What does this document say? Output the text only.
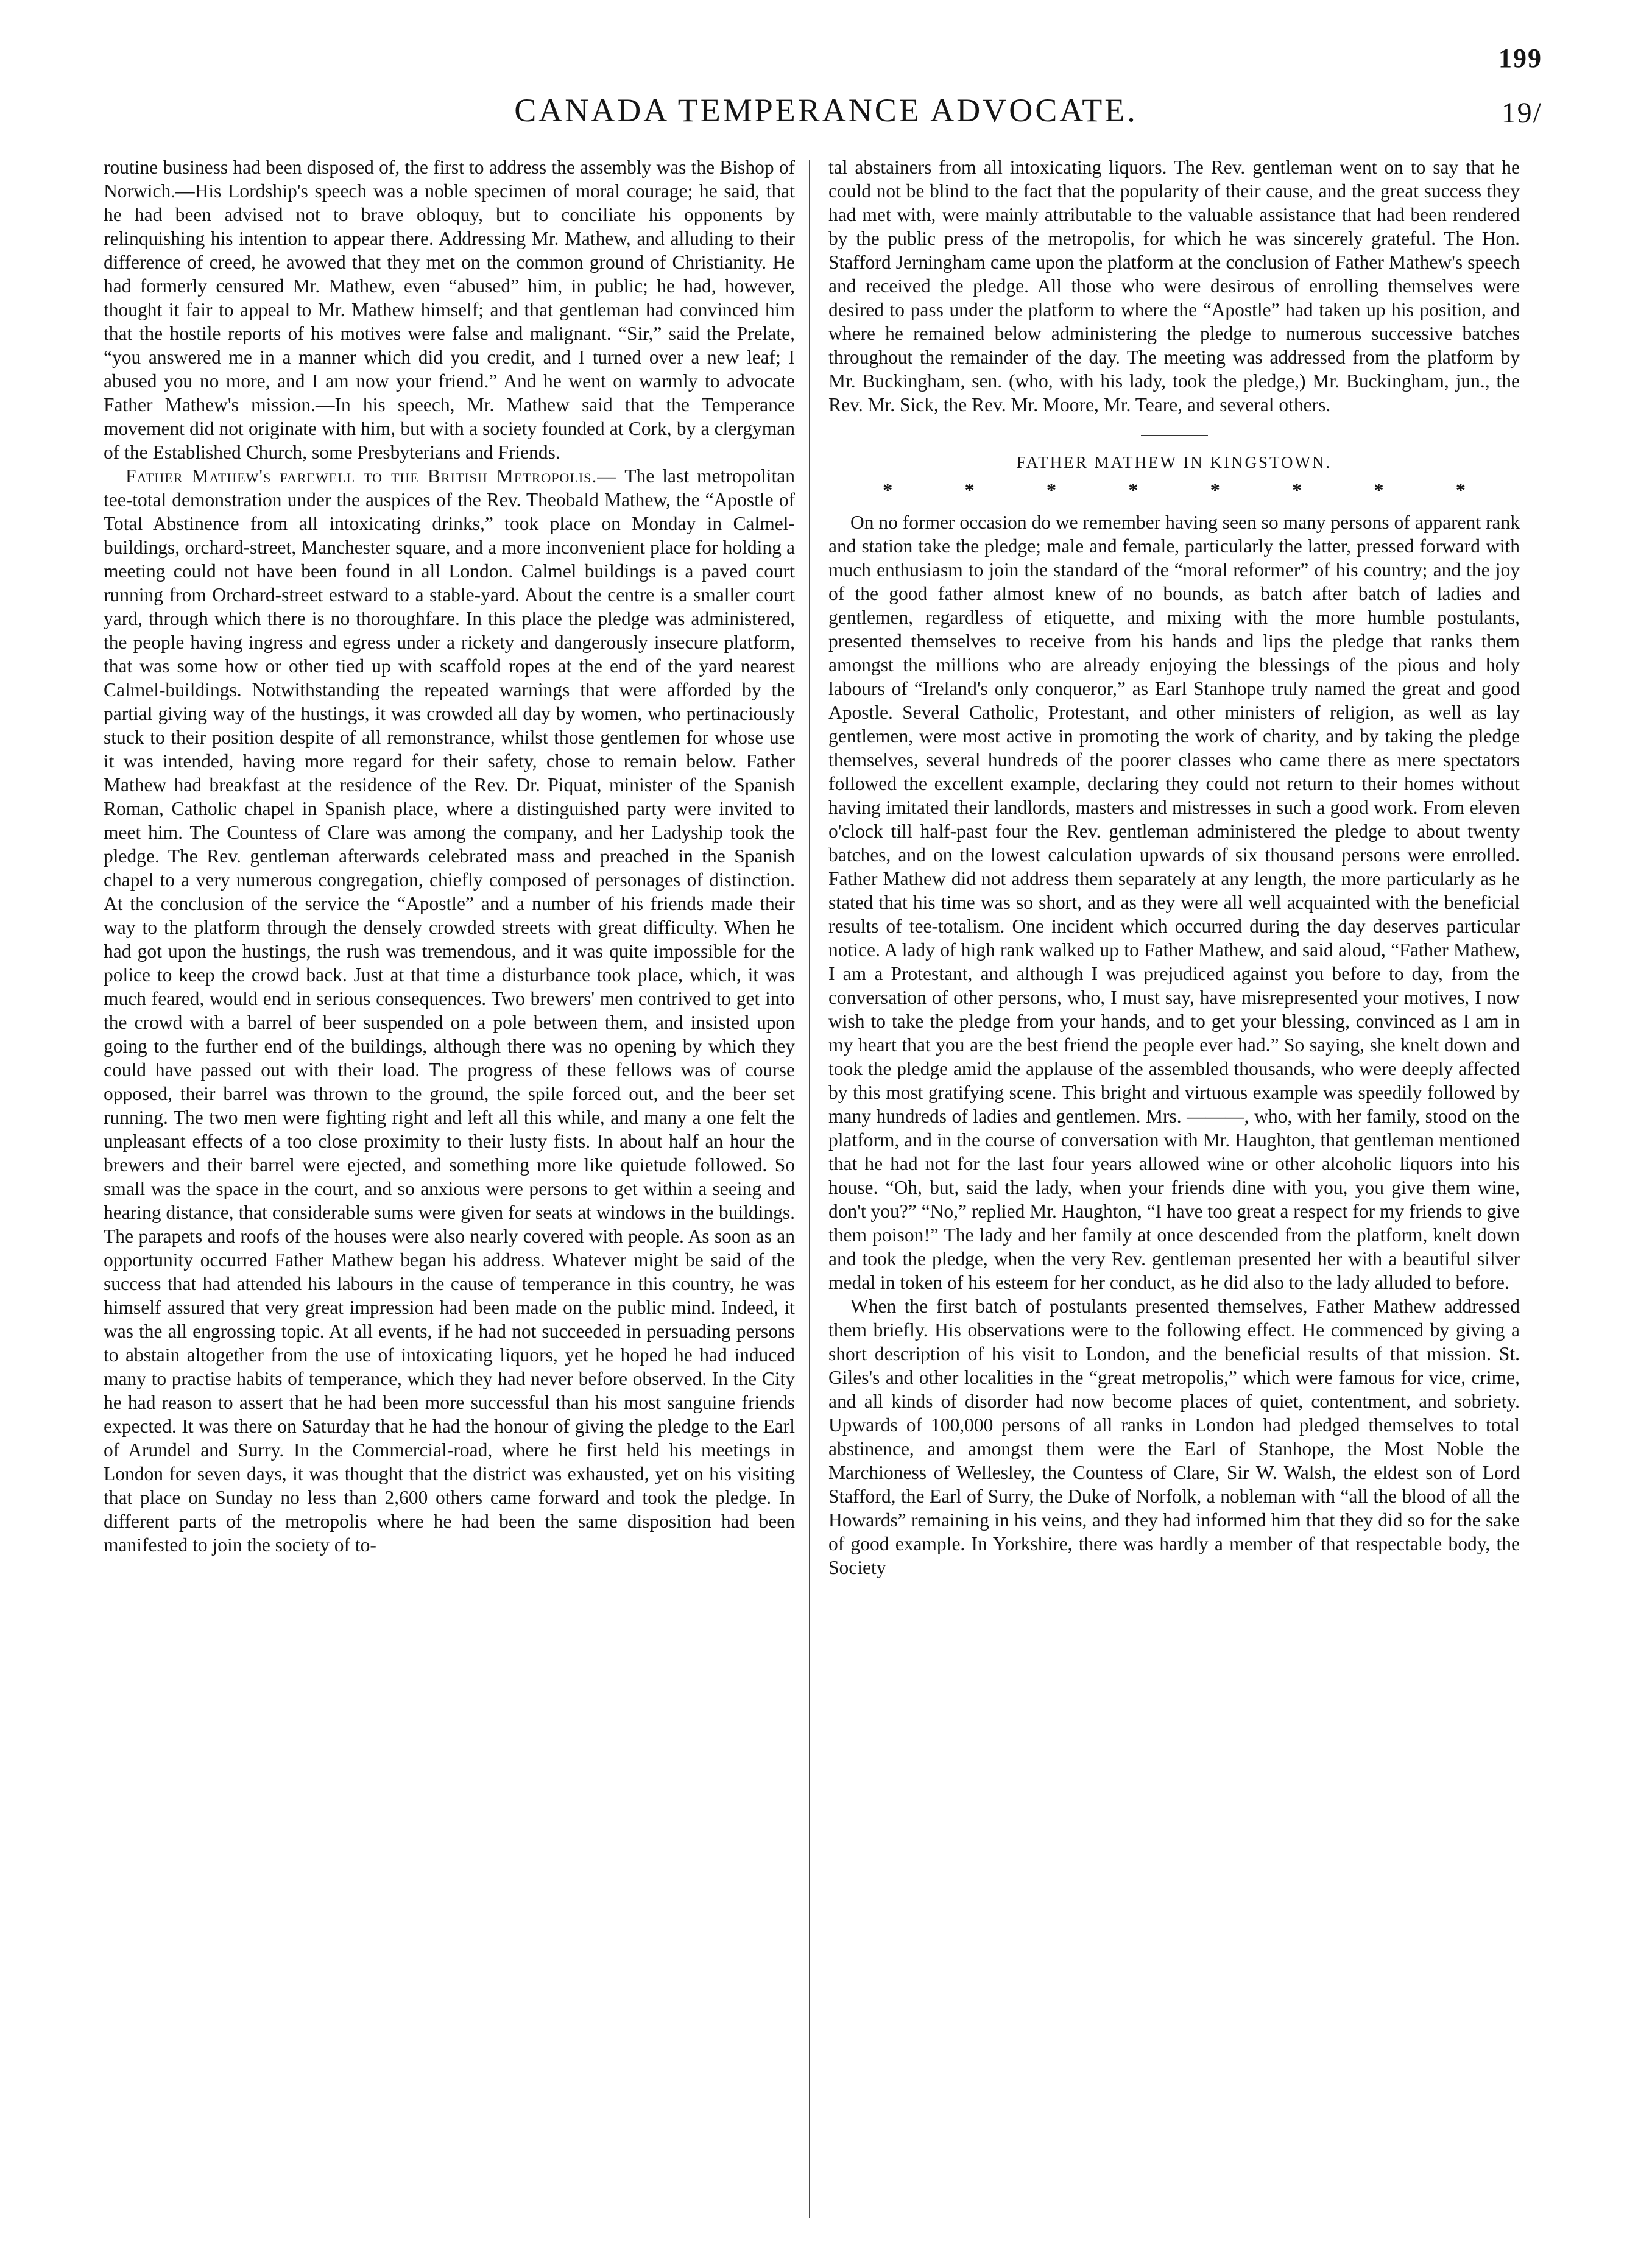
199
CANADA TEMPERANCE ADVOCATE.	19/

routine business had been disposed of, the first to address the assembly was the Bishop of Norwich.—His Lordship's speech was a noble specimen of moral courage; he said, that he had been advised not to brave obloquy, but to conciliate his opponents by relinquishing his intention to appear there. Addressing Mr. Mathew, and alluding to their difference of creed, he avowed that they met on the common ground of Christianity. He had formerly censured Mr. Mathew, even “abused” him, in public; he had, however, thought it fair to appeal to Mr. Mathew himself; and that gentleman had convinced him that the hostile reports of his motives were false and malignant. “Sir,” said the Prelate, “you answered me in a manner which did you credit, and I turned over a new leaf; I abused you no more, and I am now your friend.” And he went on warmly to advocate Father Mathew's mission.—In his speech, Mr. Mathew said that the Temperance movement did not originate with him, but with a society founded at Cork, by a clergyman of the Established Church, some Presbyterians and Friends.

Father Mathew's farewell to the British Metropolis.— The last metropolitan tee-total demonstration under the auspices of the Rev. Theobald Mathew, the “Apostle of Total Abstinence from all intoxicating drinks,” took place on Monday in Calmel-buildings, orchard-street, Manchester square, and a more inconvenient place for holding a meeting could not have been found in all London. Calmel buildings is a paved court running from Orchard-street estward to a stable-yard. About the centre is a smaller court yard, through which there is no thoroughfare. In this place the pledge was administered, the people having ingress and egress under a rickety and dangerously insecure platform, that was some how or other tied up with scaffold ropes at the end of the yard nearest Calmel-buildings. Notwithstanding the repeated warnings that were afforded by the partial giving way of the hustings, it was crowded all day by women, who pertinaciously stuck to their position despite of all remonstrance, whilst those gentlemen for whose use it was intended, having more regard for their safety, chose to remain below. Father Mathew had breakfast at the residence of the Rev. Dr. Piquat, minister of the Spanish Roman, Catholic chapel in Spanish place, where a distinguished party were invited to meet him. The Countess of Clare was among the company, and her Ladyship took the pledge. The Rev. gentleman afterwards celebrated mass and preached in the Spanish chapel to a very numerous congregation, chiefly composed of personages of distinction. At the conclusion of the service the “Apostle” and a number of his friends made their way to the platform through the densely crowded streets with great difficulty. When he had got upon the hustings, the rush was tremendous, and it was quite impossible for the police to keep the crowd back. Just at that time a disturbance took place, which, it was much feared, would end in serious consequences. Two brewers' men contrived to get into the crowd with a barrel of beer suspended on a pole between them, and insisted upon going to the further end of the buildings, although there was no opening by which they could have passed out with their load. The progress of these fellows was of course opposed, their barrel was thrown to the ground, the spile forced out, and the beer set running. The two men were fighting right and left all this while, and many a one felt the unpleasant effects of a too close proximity to their lusty fists. In about half an hour the brewers and their barrel were ejected, and something more like quietude followed. So small was the space in the court, and so anxious were persons to get within a seeing and hearing distance, that considerable sums were given for seats at windows in the buildings. The parapets and roofs of the houses were also nearly covered with people. As soon as an opportunity occurred Father Mathew began his address. Whatever might be said of the success that had attended his labours in the cause of temperance in this country, he was himself assured that very great impression had been made on the public mind. Indeed, it was the all engrossing topic. At all events, if he had not succeeded in persuading persons to abstain altogether from the use of intoxicating liquors, yet he hoped he had induced many to practise habits of temperance, which they had never before observed. In the City he had reason to assert that he had been more successful than his most sanguine friends expected. It was there on Saturday that he had the honour of giving the pledge to the Earl of Arundel and Surry. In the Commercial-road, where he first held his meetings in London for seven days, it was thought that the district was exhausted, yet on his visiting that place on Sunday no less than 2,600 others came forward and took the pledge. In different parts of the metropolis where he had been the same disposition had been manifested to join the society of to-

tal abstainers from all intoxicating liquors. The Rev. gentleman went on to say that he could not be blind to the fact that the popularity of their cause, and the great success they had met with, were mainly attributable to the valuable assistance that had been rendered by the public press of the metropolis, for which he was sincerely grateful. The Hon. Stafford Jerningham came upon the platform at the conclusion of Father Mathew's speech and received the pledge. All those who were desirous of enrolling themselves were desired to pass under the platform to where the “Apostle” had taken up his position, and where he remained below administering the pledge to numerous successive batches throughout the remainder of the day. The meeting was addressed from the platform by Mr. Buckingham, sen. (who, with his lady, took the pledge,) Mr. Buckingham, jun., the Rev. Mr. Sick, the Rev. Mr. Moore, Mr. Teare, and several others.

FATHER MATHEW IN KINGSTOWN.
*	*	*	*	*	*	*	*

On no former occasion do we remember having seen so many persons of apparent rank and station take the pledge; male and female, particularly the latter, pressed forward with much enthusiasm to join the standard of the “moral reformer” of his country; and the joy of the good father almost knew of no bounds, as batch after batch of ladies and gentlemen, regardless of etiquette, and mixing with the more humble postulants, presented themselves to receive from his hands and lips the pledge that ranks them amongst the millions who are already enjoying the blessings of the pious and holy labours of “Ireland's only conqueror,” as Earl Stanhope truly named the great and good Apostle. Several Catholic, Protestant, and other ministers of religion, as well as lay gentlemen, were most active in promoting the work of charity, and by taking the pledge themselves, several hundreds of the poorer classes who came there as mere spectators followed the excellent example, declaring they could not return to their homes without having imitated their landlords, masters and mistresses in such a good work. From eleven o'clock till half-past four the Rev. gentleman administered the pledge to about twenty batches, and on the lowest calculation upwards of six thousand persons were enrolled. Father Mathew did not address them separately at any length, the more particularly as he stated that his time was so short, and as they were all well acquainted with the beneficial results of tee-totalism. One incident which occurred during the day deserves particular notice. A lady of high rank walked up to Father Mathew, and said aloud, “Father Mathew, I am a Protestant, and although I was prejudiced against you before to day, from the conversation of other persons, who, I must say, have misrepresented your motives, I now wish to take the pledge from your hands, and to get your blessing, convinced as I am in my heart that you are the best friend the people ever had.” So saying, she knelt down and took the pledge amid the applause of the assembled thousands, who were deeply affected by this most gratifying scene. This bright and virtuous example was speedily followed by many hundreds of ladies and gentlemen. Mrs. ———, who, with her family, stood on the platform, and in the course of conversation with Mr. Haughton, that gentleman mentioned that he had not for the last four years allowed wine or other alcoholic liquors into his house. “Oh, but, said the lady, when your friends dine with you, you give them wine, don't you?” “No,” replied Mr. Haughton, “I have too great a respect for my friends to give them poison!” The lady and her family at once descended from the platform, knelt down and took the pledge, when the very Rev. gentleman presented her with a beautiful silver medal in token of his esteem for her conduct, as he did also to the lady alluded to before.

When the first batch of postulants presented themselves, Father Mathew addressed them briefly. His observations were to the following effect. He commenced by giving a short description of his visit to London, and the beneficial results of that mission. St. Giles's and other localities in the “great metropolis,” which were famous for vice, crime, and all kinds of disorder had now become places of quiet, contentment, and sobriety. Upwards of 100,000 persons of all ranks in London had pledged themselves to total abstinence, and amongst them were the Earl of Stanhope, the Most Noble the Marchioness of Wellesley, the Countess of Clare, Sir W. Walsh, the eldest son of Lord Stafford, the Earl of Surry, the Duke of Norfolk, a nobleman with “all the blood of all the Howards” remaining in his veins, and they had informed him that they did so for the sake of good example. In Yorkshire, there was hardly a member of that respectable body, the Society
